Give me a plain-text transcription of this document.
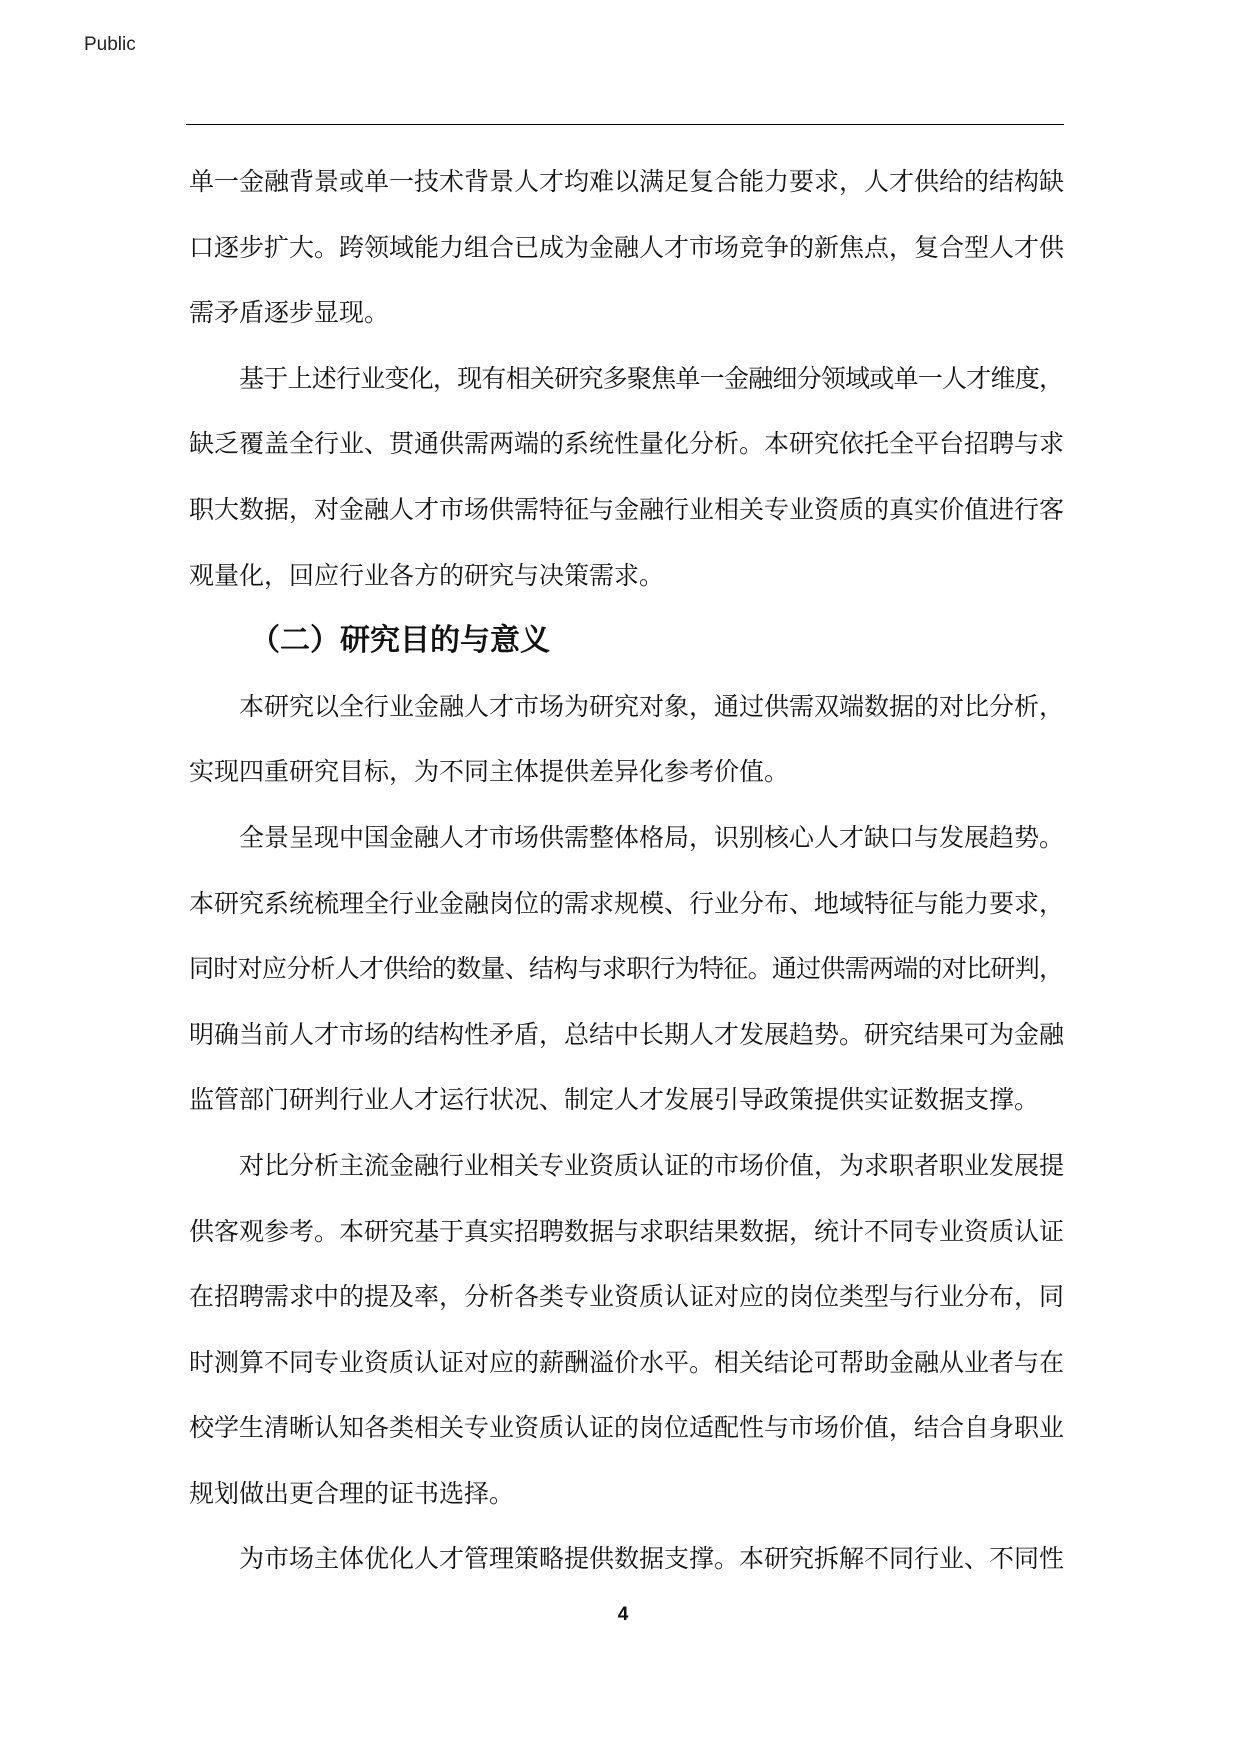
Public
单一金融背景或单一技术背景人才均难以满足复合能力要求，人才供给的结构缺
口逐步扩大。跨领域能力组合已成为金融人才市场竞争的新焦点，复合型人才供
需矛盾逐步显现。
基于上述行业变化，现有相关研究多聚焦单一金融细分领域或单一人才维度，
缺乏覆盖全行业、贯通供需两端的系统性量化分析。本研究依托全平台招聘与求
职大数据，对金融人才市场供需特征与金融行业相关专业资质的真实价值进行客
观量化，回应行业各方的研究与决策需求。
（二）研究目的与意义
本研究以全行业金融人才市场为研究对象，通过供需双端数据的对比分析，
实现四重研究目标，为不同主体提供差异化参考价值。
全景呈现中国金融人才市场供需整体格局，识别核心人才缺口与发展趋势。
本研究系统梳理全行业金融岗位的需求规模、行业分布、地域特征与能力要求，
同时对应分析人才供给的数量、结构与求职行为特征。通过供需两端的对比研判，
明确当前人才市场的结构性矛盾，总结中长期人才发展趋势。研究结果可为金融
监管部门研判行业人才运行状况、制定人才发展引导政策提供实证数据支撑。
对比分析主流金融行业相关专业资质认证的市场价值，为求职者职业发展提
供客观参考。本研究基于真实招聘数据与求职结果数据，统计不同专业资质认证
在招聘需求中的提及率，分析各类专业资质认证对应的岗位类型与行业分布，同
时测算不同专业资质认证对应的薪酬溢价水平。相关结论可帮助金融从业者与在
校学生清晰认知各类相关专业资质认证的岗位适配性与市场价值，结合自身职业
规划做出更合理的证书选择。
为市场主体优化人才管理策略提供数据支撑。本研究拆解不同行业、不同性
4
